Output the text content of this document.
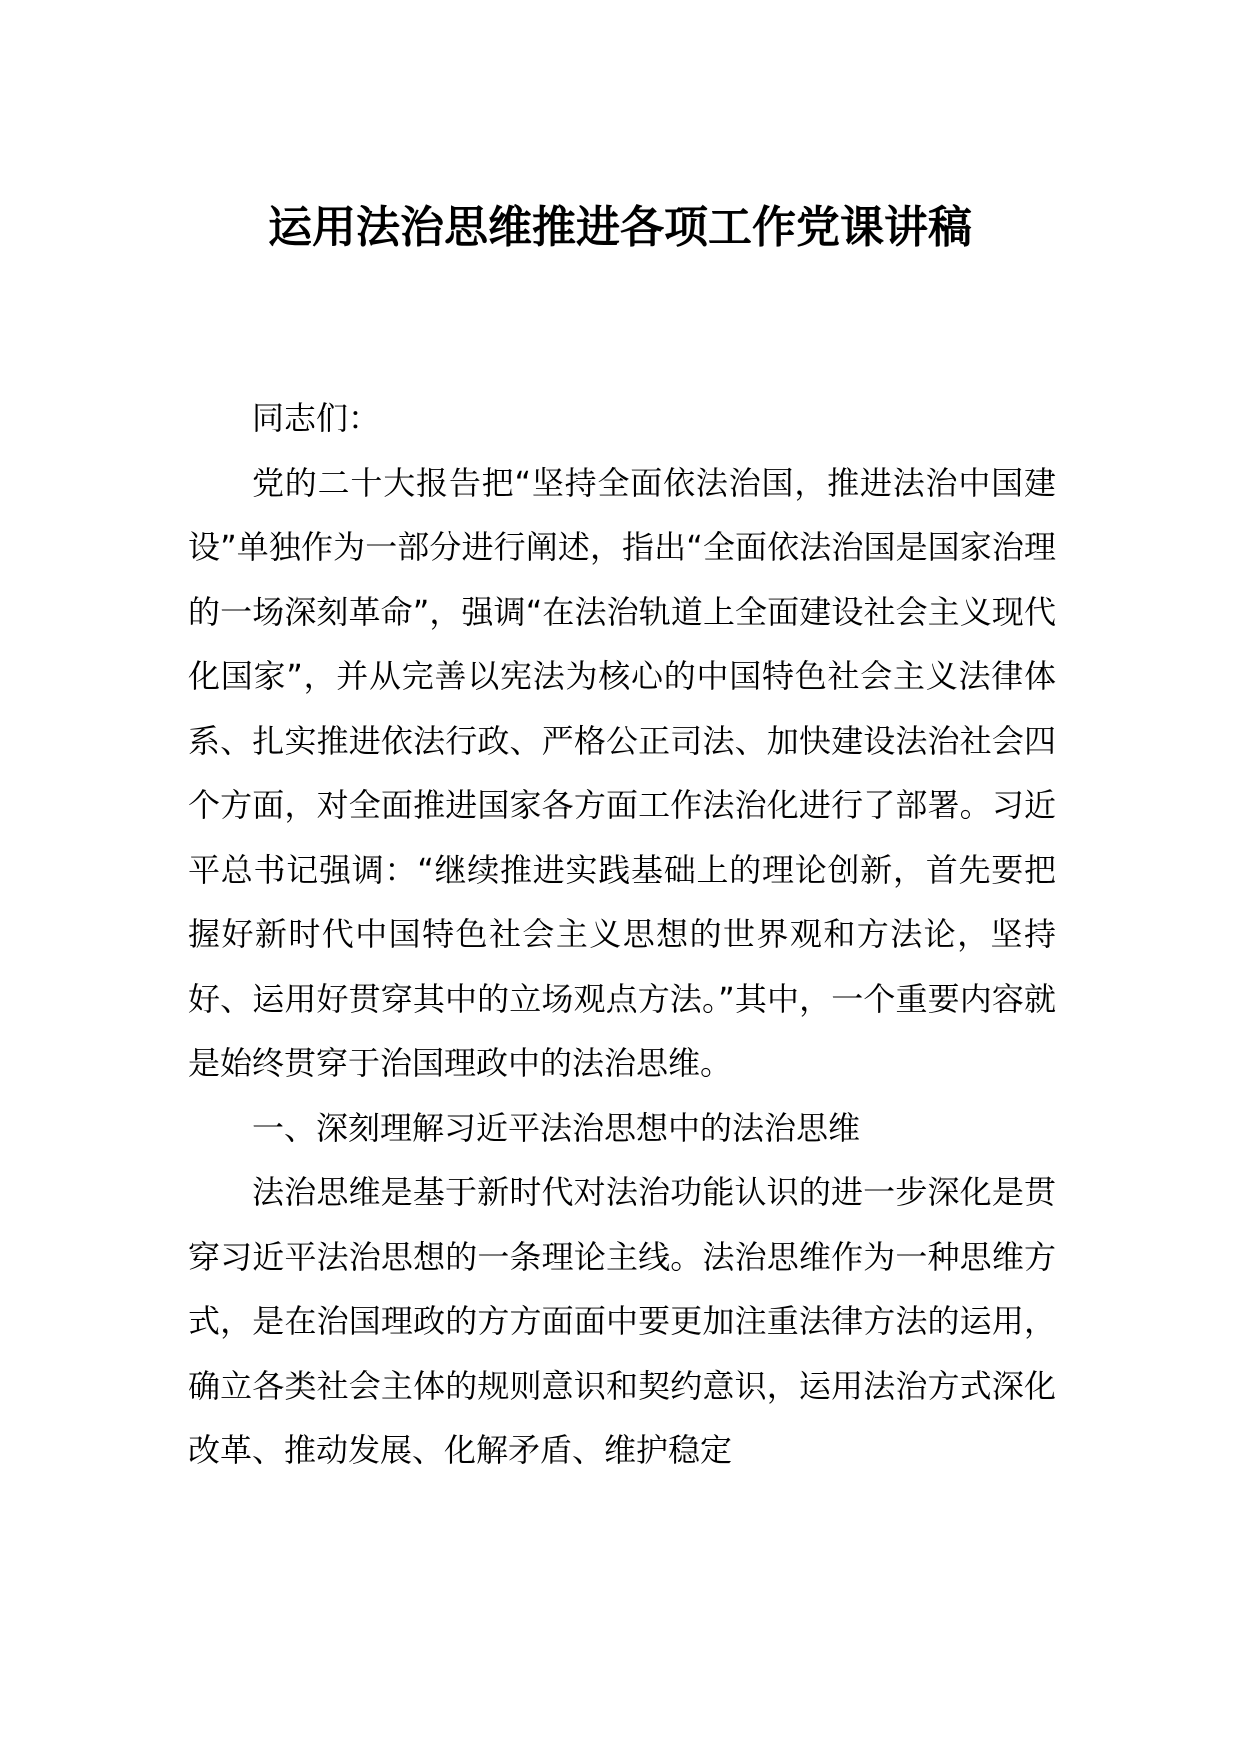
运用法治思维推进各项工作党课讲稿

同志们：

党的二十大报告把“坚持全面依法治国，推进法治中国建设”单独作为一部分进行阐述，指出“全面依法治国是国家治理的一场深刻革命”，强调“在法治轨道上全面建设社会主义现代化国家”，并从完善以宪法为核心的中国特色社会主义法律体系、扎实推进依法行政、严格公正司法、加快建设法治社会四个方面，对全面推进国家各方面工作法治化进行了部署。习近平总书记强调：“继续推进实践基础上的理论创新，首先要把握好新时代中国特色社会主义思想的世界观和方法论，坚持好、运用好贯穿其中的立场观点方法。”其中，一个重要内容就是始终贯穿于治国理政中的法治思维。

一、深刻理解习近平法治思想中的法治思维

法治思维是基于新时代对法治功能认识的进一步深化是贯穿习近平法治思想的一条理论主线。法治思维作为一种思维方式，是在治国理政的方方面面中要更加注重法律方法的运用，确立各类社会主体的规则意识和契约意识，运用法治方式深化改革、推动发展、化解矛盾、维护稳定
